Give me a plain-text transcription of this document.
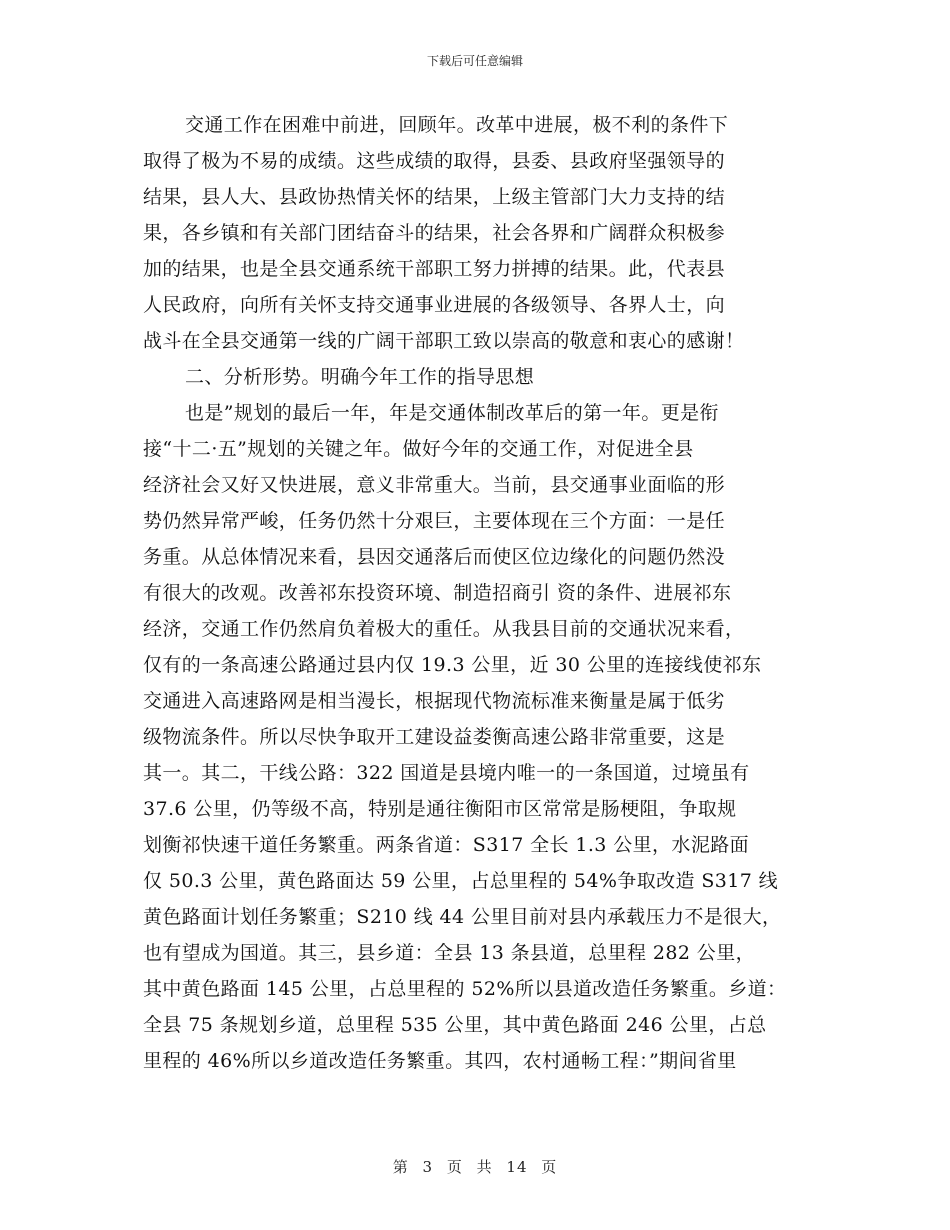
下载后可任意编辑
交通工作在困难中前进，回顾年。改革中进展，极不利的条件下
取得了极为不易的成绩。这些成绩的取得，县委、县政府坚强领导的
结果，县人大、县政协热情关怀的结果，上级主管部门大力支持的结
果，各乡镇和有关部门团结奋斗的结果，社会各界和广阔群众积极参
加的结果，也是全县交通系统干部职工努力拼搏的结果。此，代表县
人民政府，向所有关怀支持交通事业进展的各级领导、各界人士，向
战斗在全县交通第一线的广阔干部职工致以崇高的敬意和衷心的感谢！
二、分析形势。明确今年工作的指导思想
也是”规划的最后一年，年是交通体制改革后的第一年。更是衔
接“十二·五”规划的关键之年。做好今年的交通工作，对促进全县
经济社会又好又快进展，意义非常重大。当前，县交通事业面临的形
势仍然异常严峻，任务仍然十分艰巨，主要体现在三个方面：一是任
务重。从总体情况来看，县因交通落后而使区位边缘化的问题仍然没
有很大的改观。改善祁东投资环境、制造招商引 资的条件、进展祁东
经济，交通工作仍然肩负着极大的重任。从我县目前的交通状况来看，
仅有的一条高速公路通过县内仅 19.3 公里，近 30 公里的连接线使祁东
交通进入高速路网是相当漫长，根据现代物流标准来衡量是属于低劣
级物流条件。所以尽快争取开工建设益娄衡高速公路非常重要，这是
其一。其二，干线公路：322 国道是县境内唯一的一条国道，过境虽有
37.6 公里，仍等级不高，特别是通往衡阳市区常常是肠梗阻，争取规
划衡祁快速干道任务繁重。两条省道：S317 全长 1.3 公里，水泥路面
仅 50.3 公里，黄色路面达 59 公里，占总里程的 54%争取改造 S317 线
黄色路面计划任务繁重；S210 线 44 公里目前对县内承载压力不是很大，
也有望成为国道。其三，县乡道：全县 13 条县道，总里程 282 公里，
其中黄色路面 145 公里，占总里程的 52%所以县道改造任务繁重。乡道：
全县 75 条规划乡道，总里程 535 公里，其中黄色路面 246 公里，占总
里程的 46%所以乡道改造任务繁重。其四，农村通畅工程：”期间省里
第 3 页 共 14 页
